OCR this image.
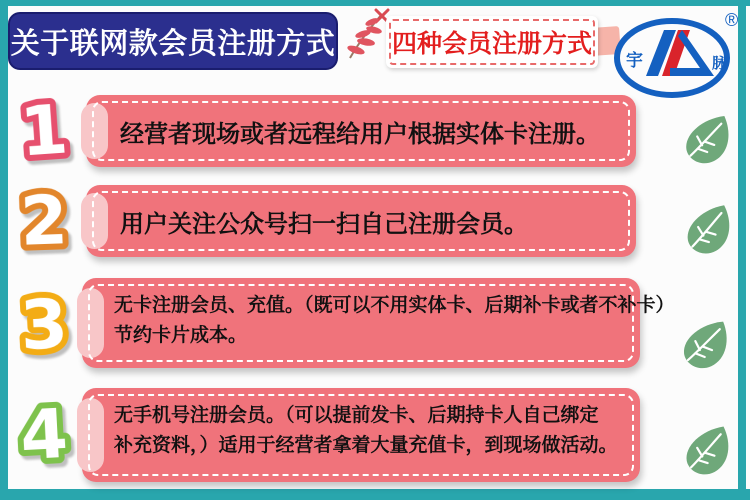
关于联网款会员注册方式 四种会员注册方式
宇	脉
®
1 经营者现场或者远程给用户根据实体卡注册。
2 用户关注公众号扫一扫自己注册会员。
3 无卡注册会员、充值。（既可以不用实体卡、后期补卡或者不补卡）
节约卡片成本。
4 无手机号注册会员。（可以提前发卡、后期持卡人自己绑定
补充资料，）适用于经营者拿着大量充值卡，到现场做活动。
